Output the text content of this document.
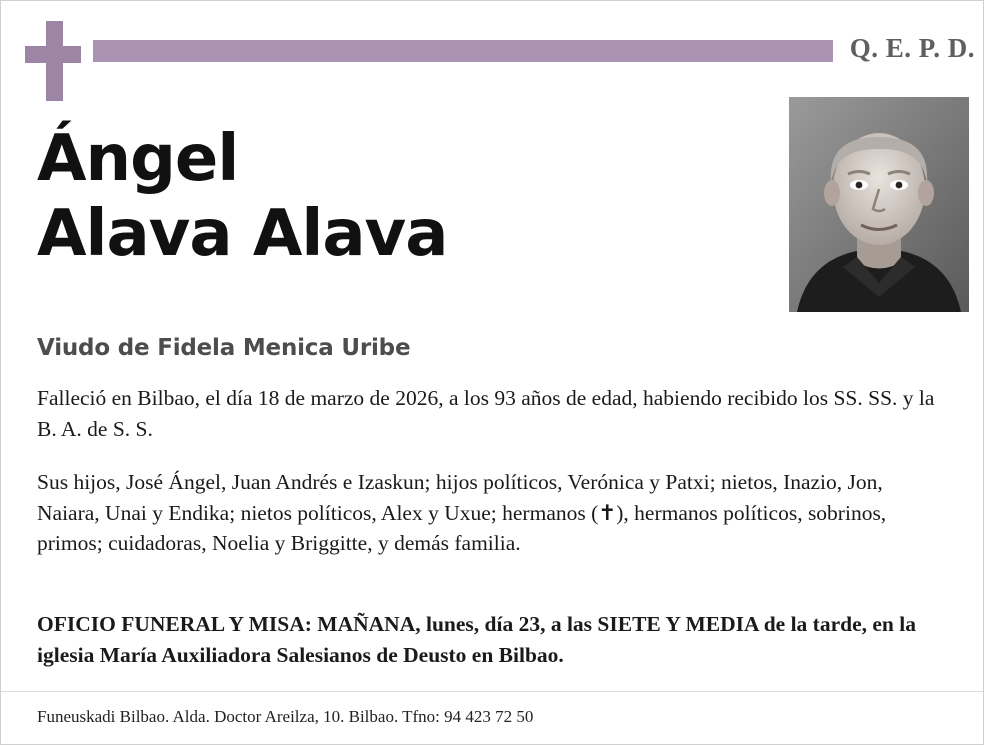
Q. E. P. D.
Ángel
Alava Alava
Viudo de Fidela Menica Uribe
Falleció en Bilbao, el día 18 de marzo de 2026, a los 93 años de edad, habiendo recibido los SS. SS. y la B. A. de S. S.
Sus hijos, José Ángel, Juan Andrés e Izaskun; hijos políticos, Verónica y Patxi; nietos, Inazio, Jon, Naiara, Unai y Endika; nietos políticos, Alex y Uxue; hermanos (✝), hermanos políticos, sobrinos, primos; cuidadoras, Noelia y Briggitte, y demás familia.
OFICIO FUNERAL Y MISA: MAÑANA, lunes, día 23, a las SIETE Y MEDIA de la tarde, en la iglesia María Auxiliadora Salesianos de Deusto en Bilbao.
Funeuskadi Bilbao. Alda. Doctor Areilza, 10. Bilbao. Tfno: 94 423 72 50
